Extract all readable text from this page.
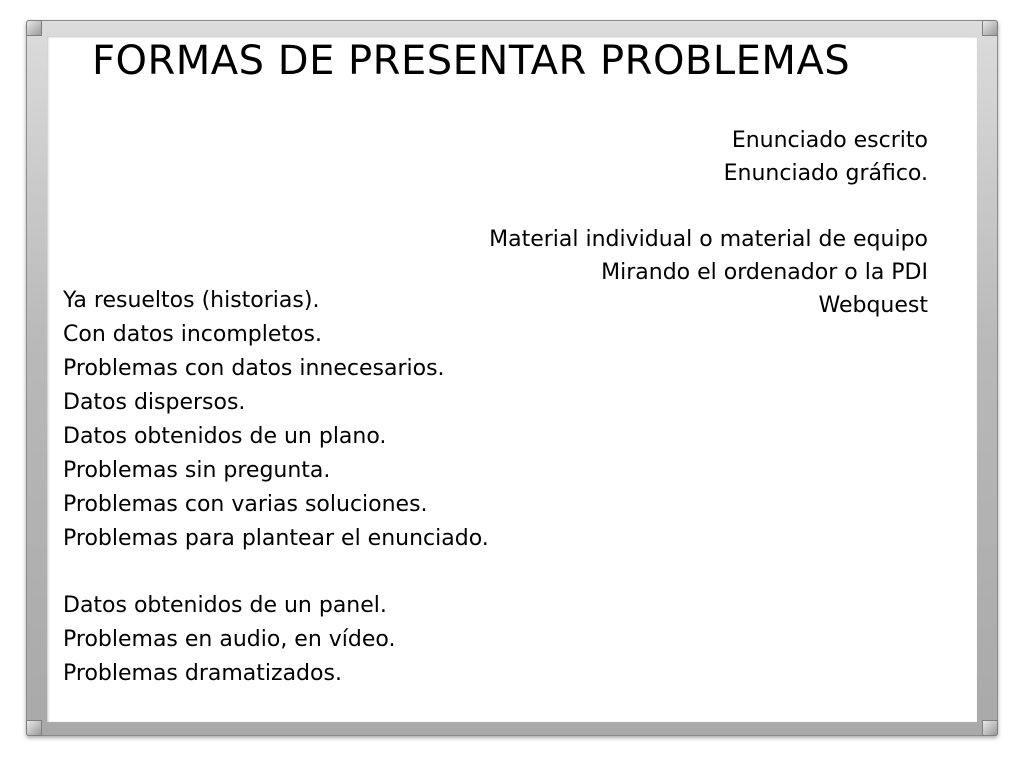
FORMAS DE PRESENTAR PROBLEMAS
Enunciado escrito
Enunciado gráfico.
Material individual o material de equipo
Mirando el ordenador o la PDI
Webquest
Ya resueltos (historias).
Con datos incompletos.
Problemas con datos innecesarios.
Datos dispersos.
Datos obtenidos de un plano.
Problemas sin pregunta.
Problemas con varias soluciones.
Problemas para plantear el enunciado.
Datos obtenidos de un panel.
Problemas en audio, en vídeo.
Problemas dramatizados.
